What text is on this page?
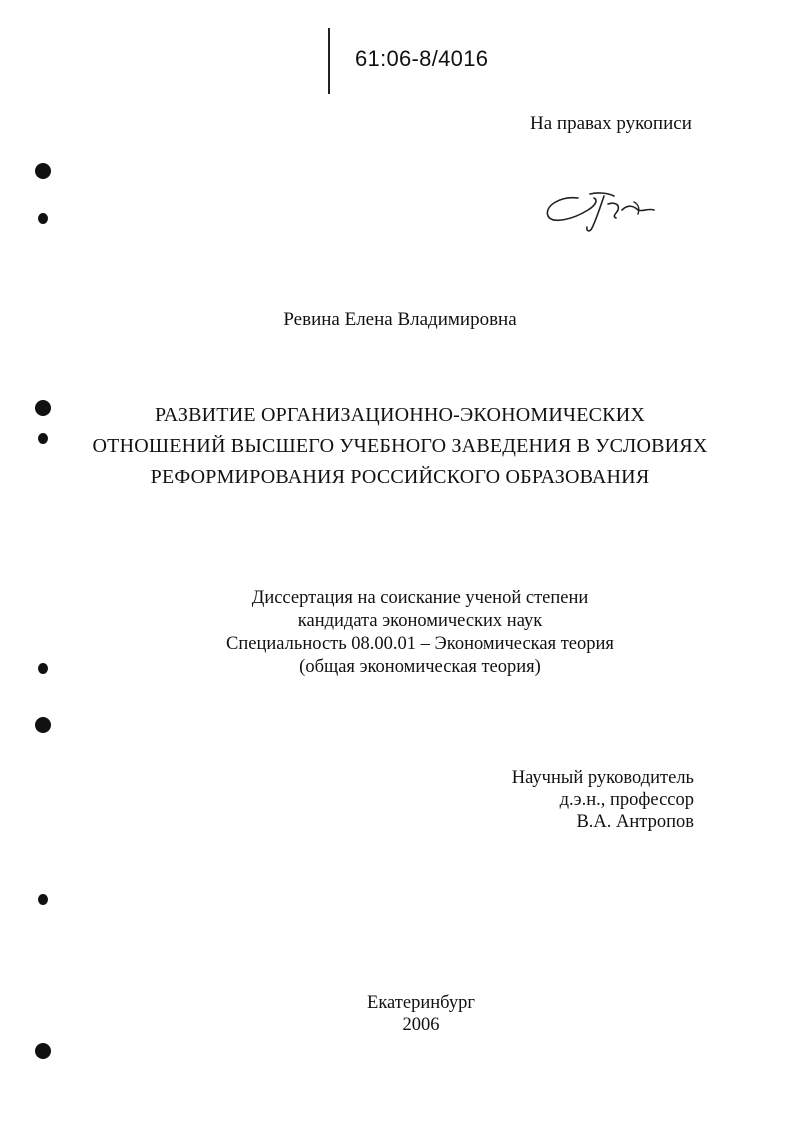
61:06-8/4016
На правах рукописи
Ревина Елена Владимировна
РАЗВИТИЕ ОРГАНИЗАЦИОННО-ЭКОНОМИЧЕСКИХ
ОТНОШЕНИЙ ВЫСШЕГО УЧЕБНОГО ЗАВЕДЕНИЯ В УСЛОВИЯХ
РЕФОРМИРОВАНИЯ РОССИЙСКОГО ОБРАЗОВАНИЯ
Диссертация на соискание ученой степени
кандидата экономических наук
Специальность 08.00.01 – Экономическая теория
(общая экономическая теория)
Научный руководитель
д.э.н., профессор
В.А. Антропов
Екатеринбург
2006
